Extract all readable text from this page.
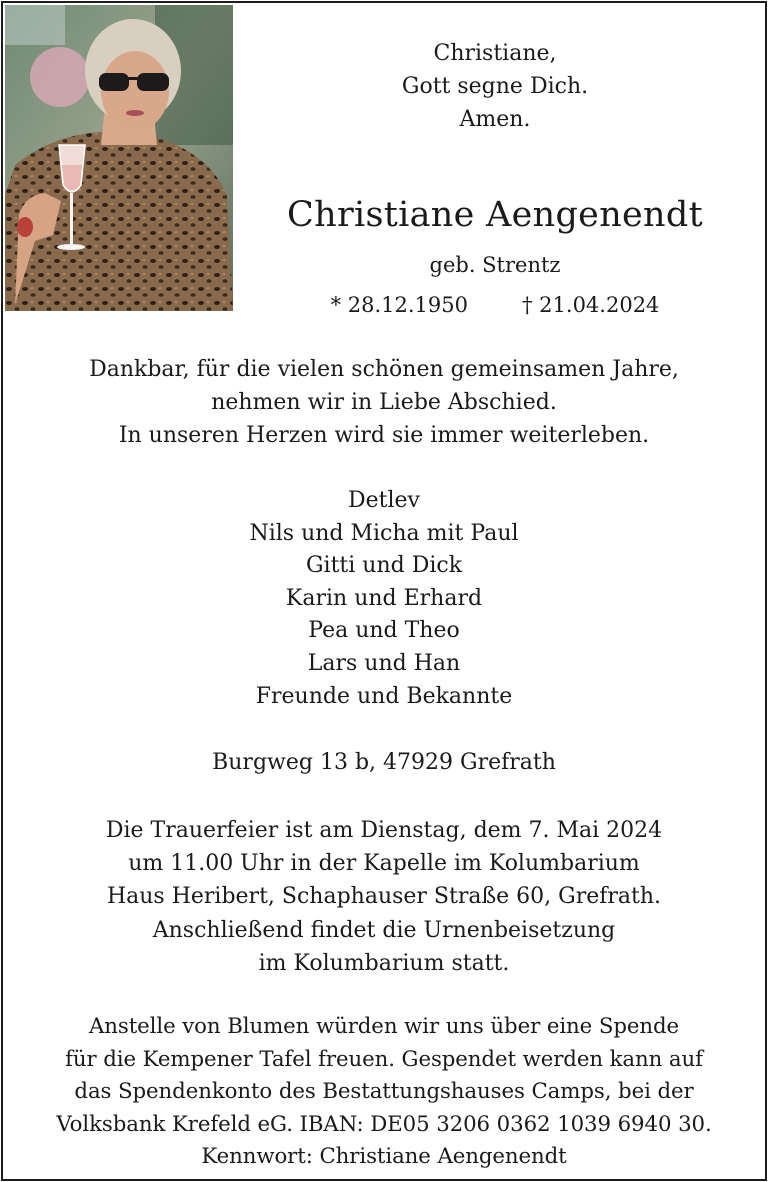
Christiane,
Gott segne Dich.
Amen.
Christiane Aengenendt
geb. Strentz
* 28.12.1950	† 21.04.2024
Dankbar, für die vielen schönen gemeinsamen Jahre,
nehmen wir in Liebe Abschied.
In unseren Herzen wird sie immer weiterleben.
Detlev
Nils und Micha mit Paul
Gitti und Dick
Karin und Erhard
Pea und Theo
Lars und Han
Freunde und Bekannte
Burgweg 13 b, 47929 Grefrath
Die Trauerfeier ist am Dienstag, dem 7. Mai 2024
um 11.00 Uhr in der Kapelle im Kolumbarium
Haus Heribert, Schaphauser Straße 60, Grefrath.
Anschließend findet die Urnenbeisetzung
im Kolumbarium statt.
Anstelle von Blumen würden wir uns über eine Spende
für die Kempener Tafel freuen. Gespendet werden kann auf
das Spendenkonto des Bestattungshauses Camps, bei der
Volksbank Krefeld eG. IBAN: DE05 3206 0362 1039 6940 30.
Kennwort: Christiane Aengenendt
